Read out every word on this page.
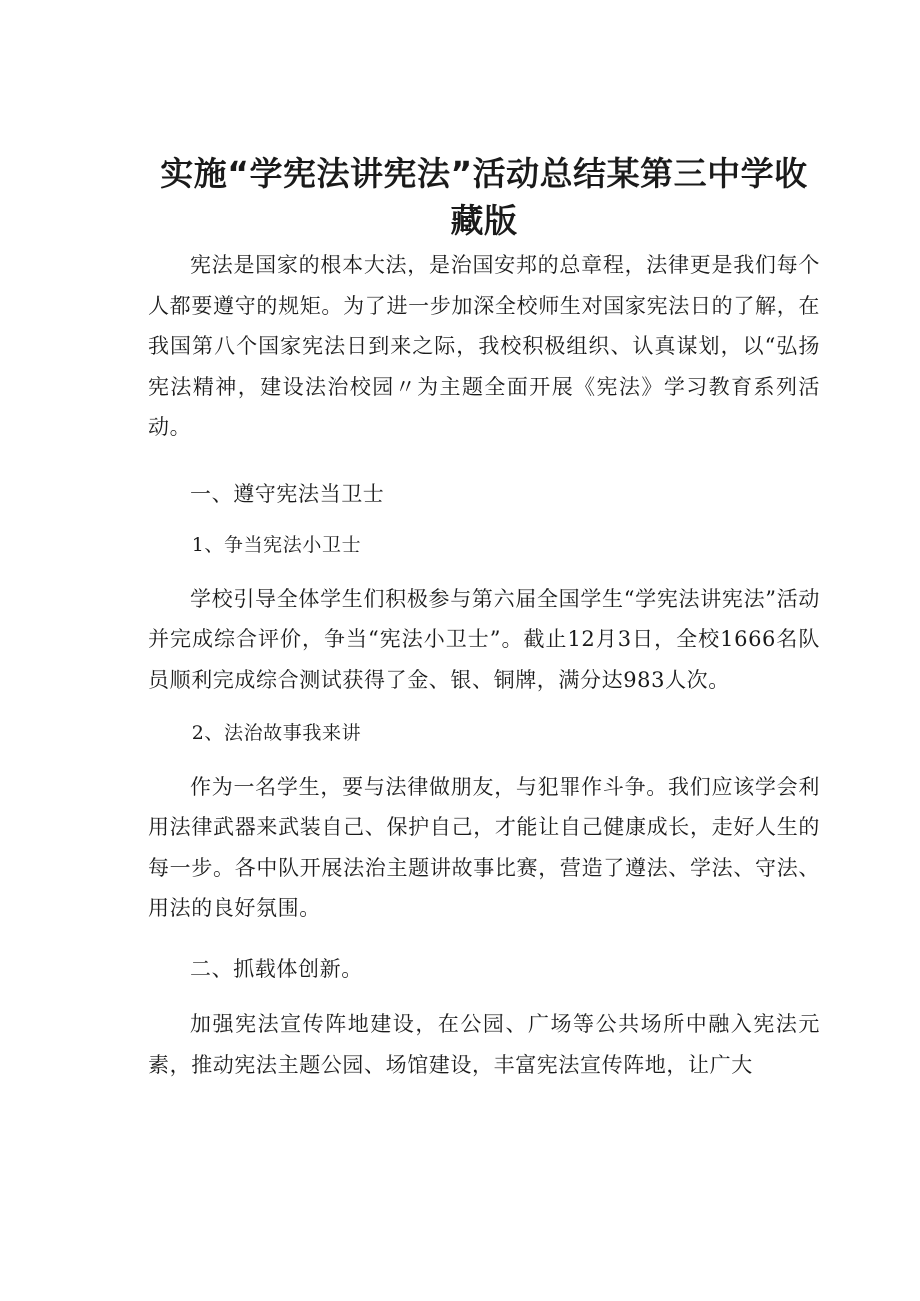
实施“学宪法讲宪法”活动总结某第三中学收藏版

宪法是国家的根本大法，是治国安邦的总章程，法律更是我们每个人都要遵守的规矩。为了进一步加深全校师生对国家宪法日的了解，在我国第八个国家宪法日到来之际，我校积极组织、认真谋划，以“弘扬宪法精神，建设法治校园〃为主题全面开展《宪法》学习教育系列活动。

一、遵守宪法当卫士

1、争当宪法小卫士

学校引导全体学生们积极参与第六届全国学生“学宪法讲宪法”活动并完成综合评价，争当“宪法小卫士”。截止12月3日，全校1666名队员顺利完成综合测试获得了金、银、铜牌，满分达983人次。

2、法治故事我来讲

作为一名学生，要与法律做朋友，与犯罪作斗争。我们应该学会利用法律武器来武装自己、保护自己，才能让自己健康成长，走好人生的每一步。各中队开展法治主题讲故事比赛，营造了遵法、学法、守法、用法的良好氛围。

二、抓载体创新。

加强宪法宣传阵地建设，在公园、广场等公共场所中融入宪法元素，推动宪法主题公园、场馆建设，丰富宪法宣传阵地，让广大
